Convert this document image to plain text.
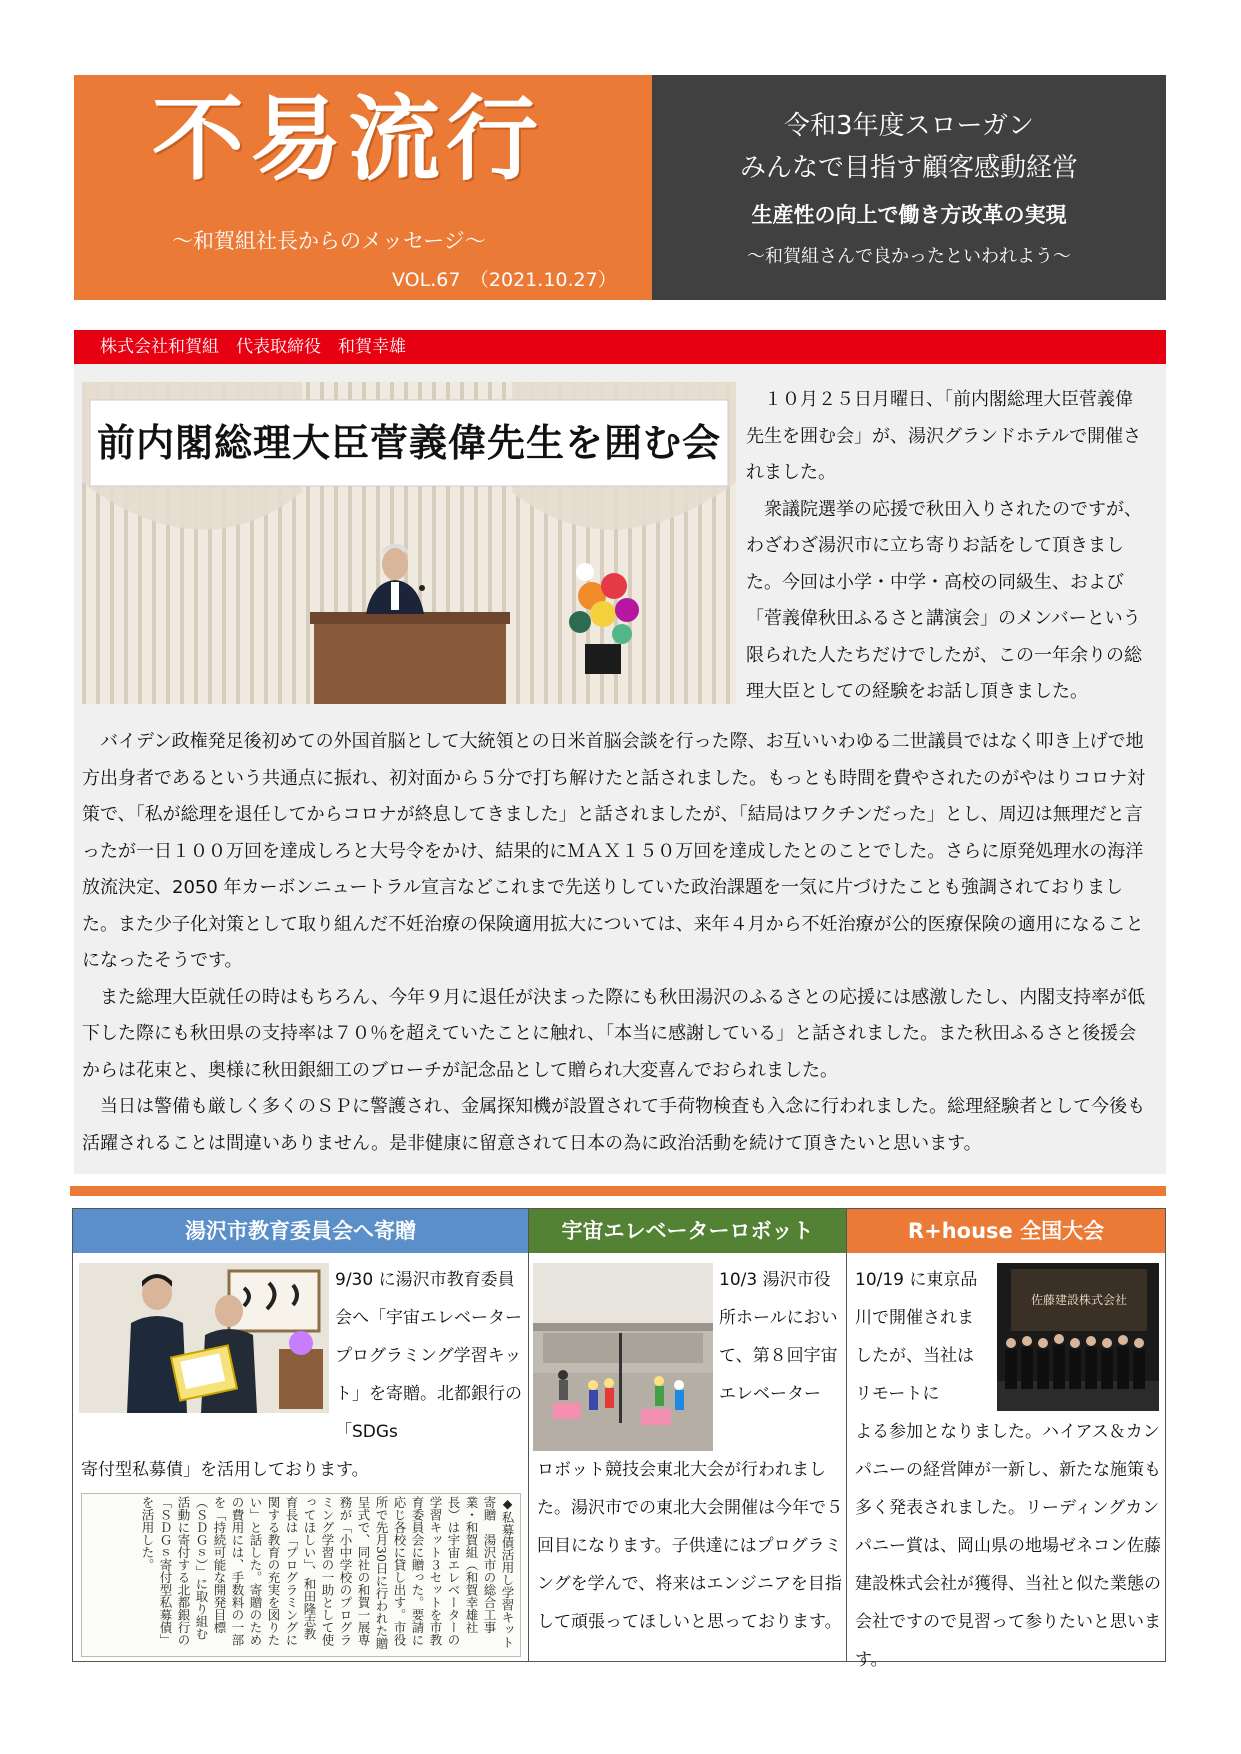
不易流行
～和賀組社長からのメッセージ～
VOL.67　（2021.10.27）
令和3年度スローガン
みんなで目指す顧客感動経営
生産性の向上で働き方改革の実現
～和賀組さんで良かったといわれよう～
株式会社和賀組　代表取締役　和賀幸雄
前内閣総理大臣菅義偉先生を囲む会

１０月２５日月曜日、「前内閣総理大臣菅義偉先生を囲む会」が、湯沢グランドホテルで開催されました。

衆議院選挙の応援で秋田入りされたのですが、わざわざ湯沢市に立ち寄りお話をして頂きました。今回は小学・中学・高校の同級生、および「菅義偉秋田ふるさと講演会」のメンバーという限られた人たちだけでしたが、この一年余りの総理大臣としての経験をお話し頂きました。

バイデン政権発足後初めての外国首脳として大統領との日米首脳会談を行った際、お互いいわゆる二世議員ではなく叩き上げで地方出身者であるという共通点に振れ、初対面から５分で打ち解けたと話されました。もっとも時間を費やされたのがやはりコロナ対策で、「私が総理を退任してからコロナが終息してきました」と話されましたが、「結局はワクチンだった」とし、周辺は無理だと言ったが一日１００万回を達成しろと大号令をかけ、結果的にＭＡＸ１５０万回を達成したとのことでした。さらに原発処理水の海洋放流決定、2050 年カーボンニュートラル宣言などこれまで先送りしていた政治課題を一気に片づけたことも強調されておりました。また少子化対策として取り組んだ不妊治療の保険適用拡大については、来年４月から不妊治療が公的医療保険の適用になることになったそうです。

また総理大臣就任の時はもちろん、今年９月に退任が決まった際にも秋田湯沢のふるさとの応援には感激したし、内閣支持率が低下した際にも秋田県の支持率は７０％を超えていたことに触れ、「本当に感謝している」と話されました。また秋田ふるさと後援会からは花束と、奥様に秋田銀細工のブローチが記念品として贈られ大変喜んでおられました。

当日は警備も厳しく多くのＳＰに警護され、金属探知機が設置されて手荷物検査も入念に行われました。総理経験者として今後も活躍されることは間違いありません。是非健康に留意されて日本の為に政治活動を続けて頂きたいと思います。

湯沢市教育委員会へ寄贈
9/30 に湯沢市教育委員会へ「宇宙エレベータープログラミング学習キット」を寄贈。北都銀行の「SDGs
寄付型私募債」を活用しております。
◆私募債活用し学習キット寄贈　湯沢市の総合工事業・和賀組（和賀幸雄社長）は宇宙エレベーターの学習キット３セットを市教育委員会に贈った。要請に応じ各校に貸し出す。市役所で先月30日に行われた贈呈式で、同社の和賀一展専務が「小中学校のプログラミング学習の一助として使ってほしい」、和田隆志教育長は「プログラミングに関する教育の充実を図りたい」と話した。寄贈のための費用には、手数料の一部を「持続可能な開発目標（ＳＤＧｓ）」に取り組む活動に寄付する北都銀行の「ＳＤＧｓ寄付型私募債」を活用した。
宇宙エレベーターロボット
10/3 湯沢市役所ホールにおいて、第８回宇宙エレベーター
ロボット競技会東北大会が行われました。湯沢市での東北大会開催は今年で５回目になります。子供達にはプログラミングを学んで、将来はエンジニアを目指して頑張ってほしいと思っております。
R+house 全国大会
10/19 に東京品川で開催されましたが、当社はリモートに
佐藤建設株式会社
よる参加となりました。ハイアス＆カンパニーの経営陣が一新し、新たな施策も多く発表されました。リーディングカンパニー賞は、岡山県の地場ゼネコン佐藤建設株式会社が獲得、当社と似た業態の会社ですので見習って参りたいと思います。
